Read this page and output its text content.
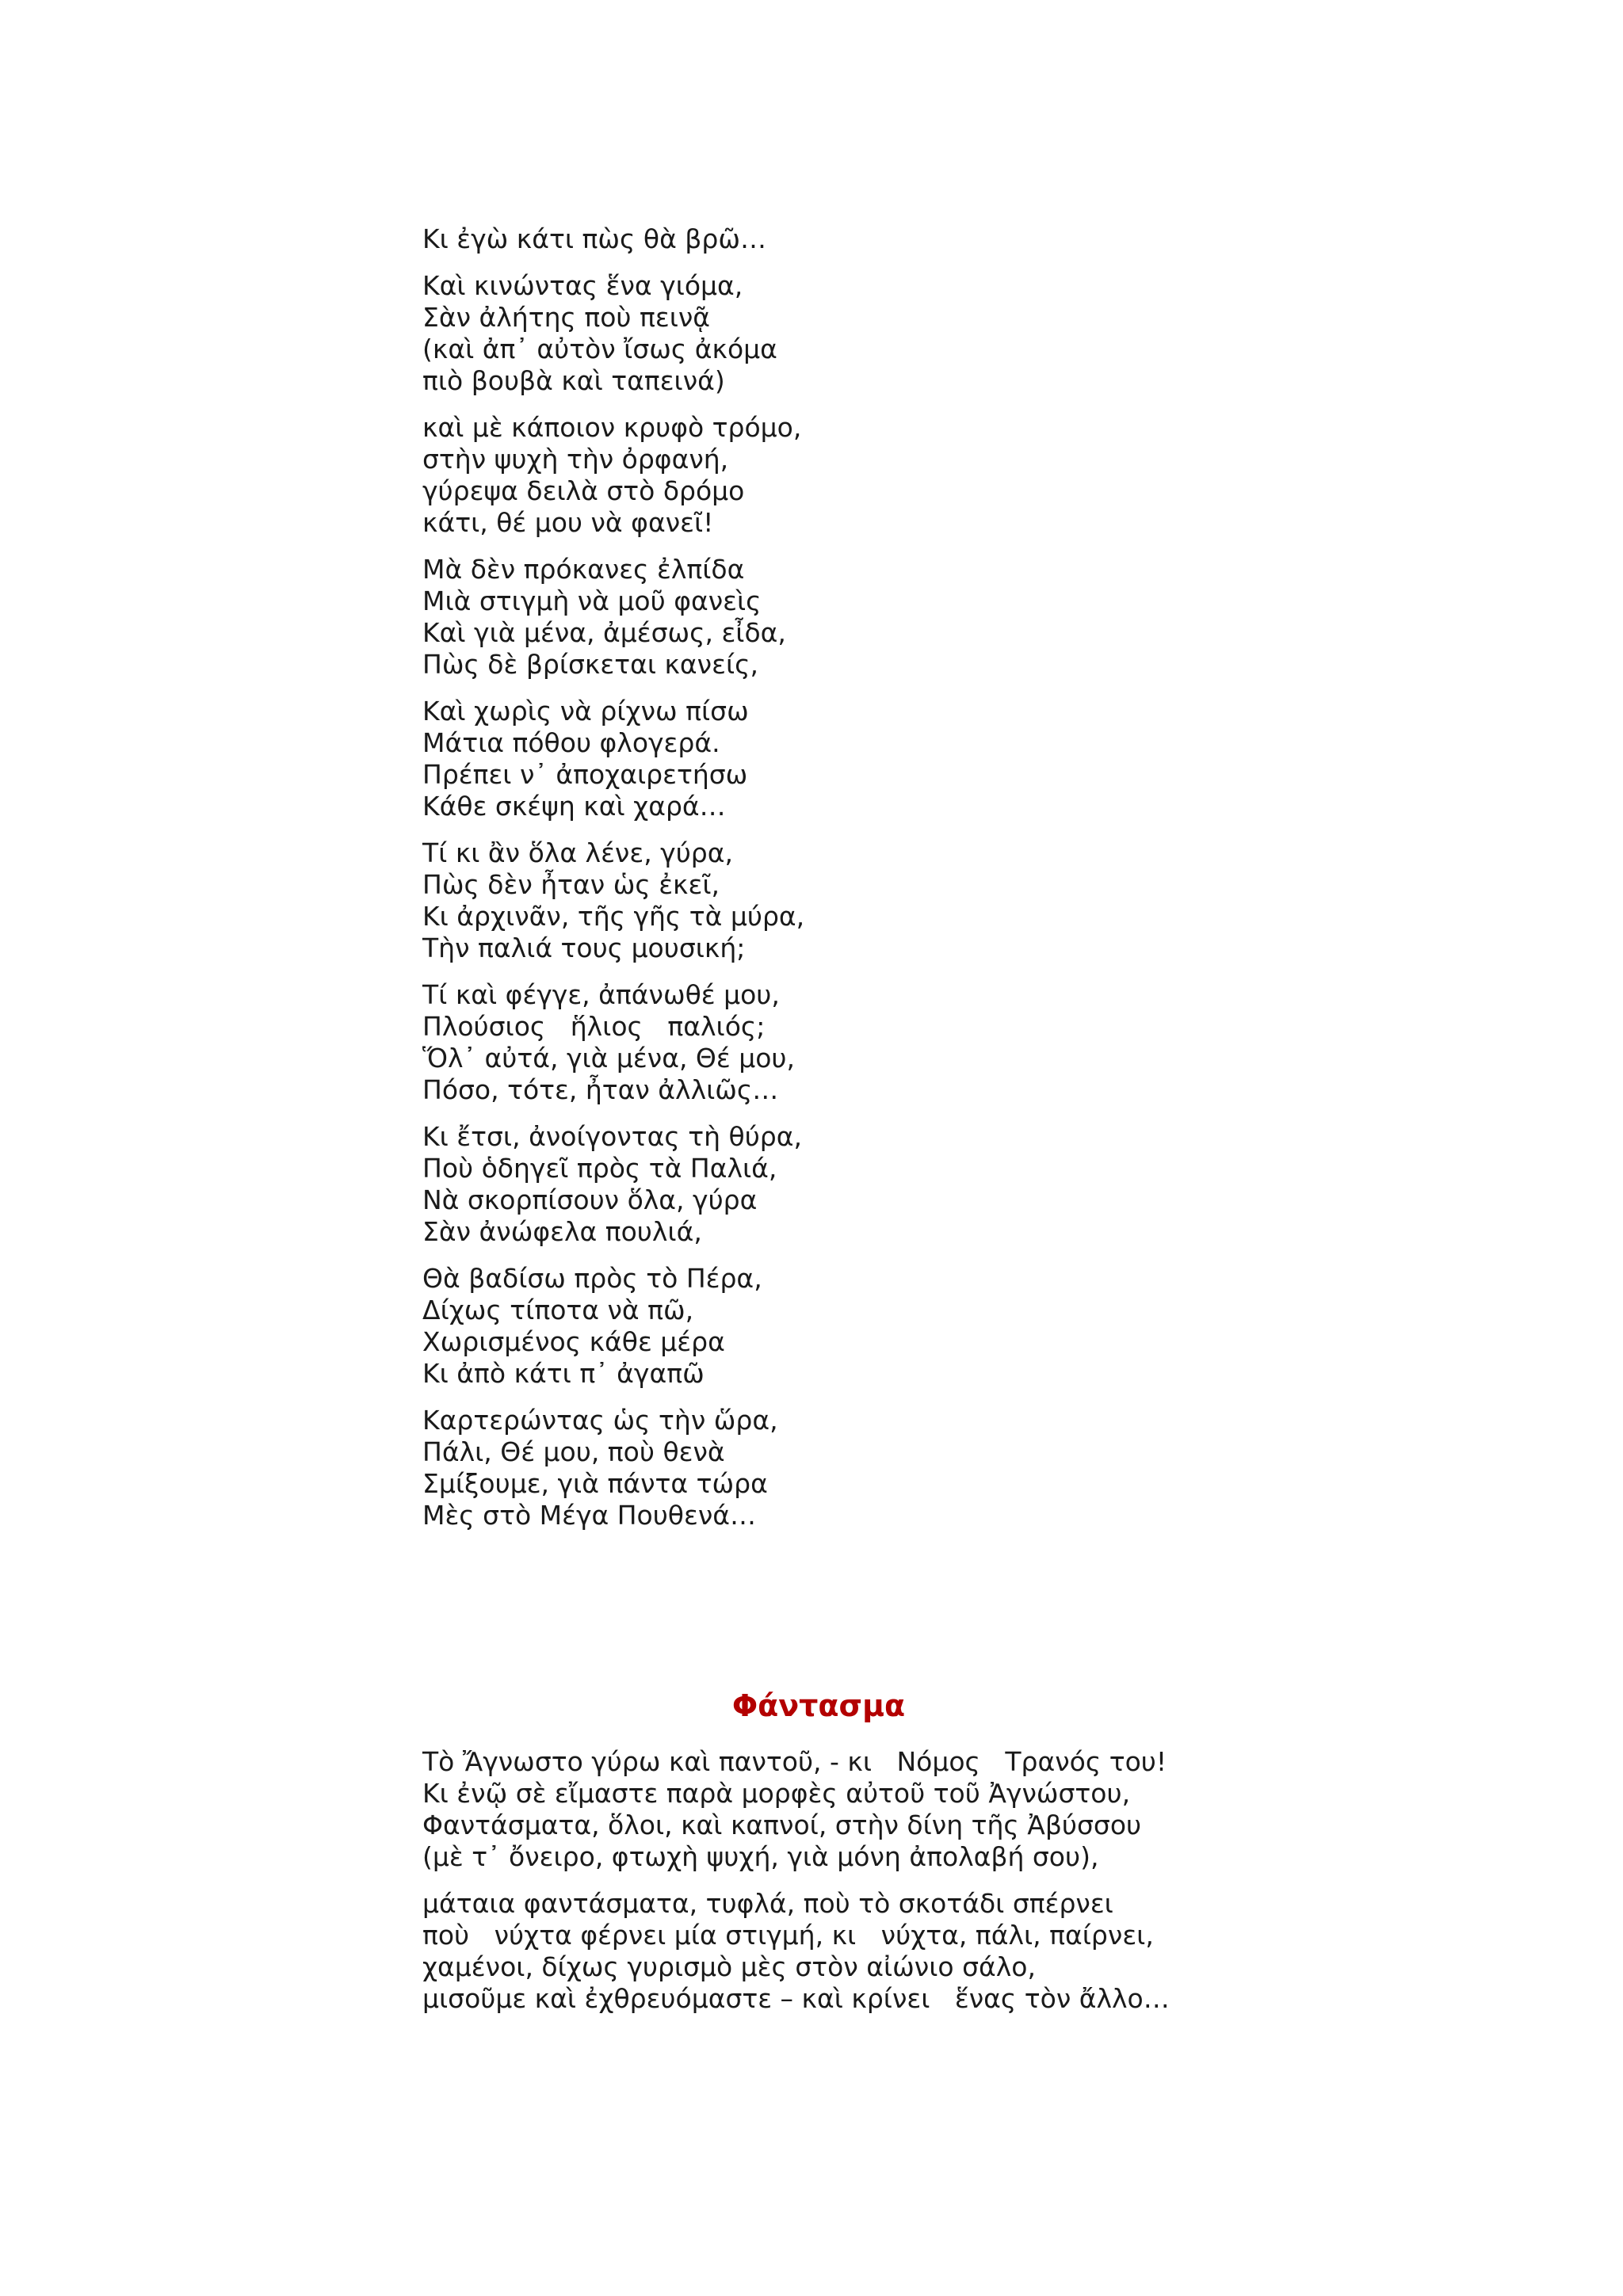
Κι ἐγὼ κάτι πὼς θὰ βρῶ…
Καὶ κινώντας ἕνα γιόμα,
Σὰν ἀλήτης ποὺ πεινᾷ
(καὶ ἀπ᾽ αὐτὸν ἴσως ἀκόμα
πιὸ βουβὰ καὶ ταπεινά)
καὶ μὲ κάποιον κρυφὸ τρόμο,
στὴν ψυχὴ τὴν ὀρφανή,
γύρεψα δειλὰ στὸ δρόμο
κάτι, θέ μου νὰ φανεῖ!
Μὰ δὲν πρόκανες ἐλπίδα
Μιὰ στιγμὴ νὰ μοῦ φανεὶς
Καὶ γιὰ μένα, ἀμέσως, εἶδα,
Πὼς δὲ βρίσκεται κανείς,
Καὶ χωρὶς νὰ ρίχνω πίσω
Μάτια πόθου φλογερά.
Πρέπει ν᾽ ἀποχαιρετήσω
Κάθε σκέψη καὶ χαρά…
Τί κι ἂν ὅλα λένε, γύρα,
Πὼς δὲν ἦταν ὡς ἐκεῖ,
Κι ἀρχινᾶν, τῆς γῆς τὰ μύρα,
Τὴν παλιά τους μουσική;
Τί καὶ φέγγε, ἀπάνωθέ μου,
Πλούσιος   ἥλιος   παλιός;
Ὅλ᾽ αὐτά, γιὰ μένα, Θέ μου,
Πόσο, τότε, ἦταν ἀλλιῶς…
Κι ἔτσι, ἀνοίγοντας τὴ θύρα,
Ποὺ ὁδηγεῖ πρὸς τὰ Παλιά,
Νὰ σκορπίσουν ὅλα, γύρα
Σὰν ἀνώφελα πουλιά,
Θὰ βαδίσω πρὸς τὸ Πέρα,
Δίχως τίποτα νὰ πῶ,
Χωρισμένος κάθε μέρα
Κι ἀπὸ κάτι π᾽ ἀγαπῶ
Καρτερώντας ὡς τὴν ὥρα,
Πάλι, Θέ μου, ποὺ θενὰ
Σμίξουμε, γιὰ πάντα τώρα
Μὲς στὸ Μέγα Πουθενά…
Φάντασμα
Τὸ Ἄγνωστο γύρω καὶ παντοῦ, - κι   Νόμος   Τρανός του!
Κι ἐνῷ σὲ εἴμαστε παρὰ μορφὲς αὐτοῦ τοῦ Ἀγνώστου,
Φαντάσματα, ὅλοι, καὶ καπνοί, στὴν δίνη τῆς Ἀβύσσου
(μὲ τ᾽ ὄνειρο, φτωχὴ ψυχή, γιὰ μόνη ἀπολαβή σου),
μάταια φαντάσματα, τυφλά, ποὺ τὸ σκοτάδι σπέρνει
ποὺ   νύχτα φέρνει μία στιγμή, κι   νύχτα, πάλι, παίρνει,
χαμένοι, δίχως γυρισμὸ μὲς στὸν αἰώνιο σάλο,
μισοῦμε καὶ ἐχθρευόμαστε – καὶ κρίνει   ἕνας τὸν ἄλλο…
